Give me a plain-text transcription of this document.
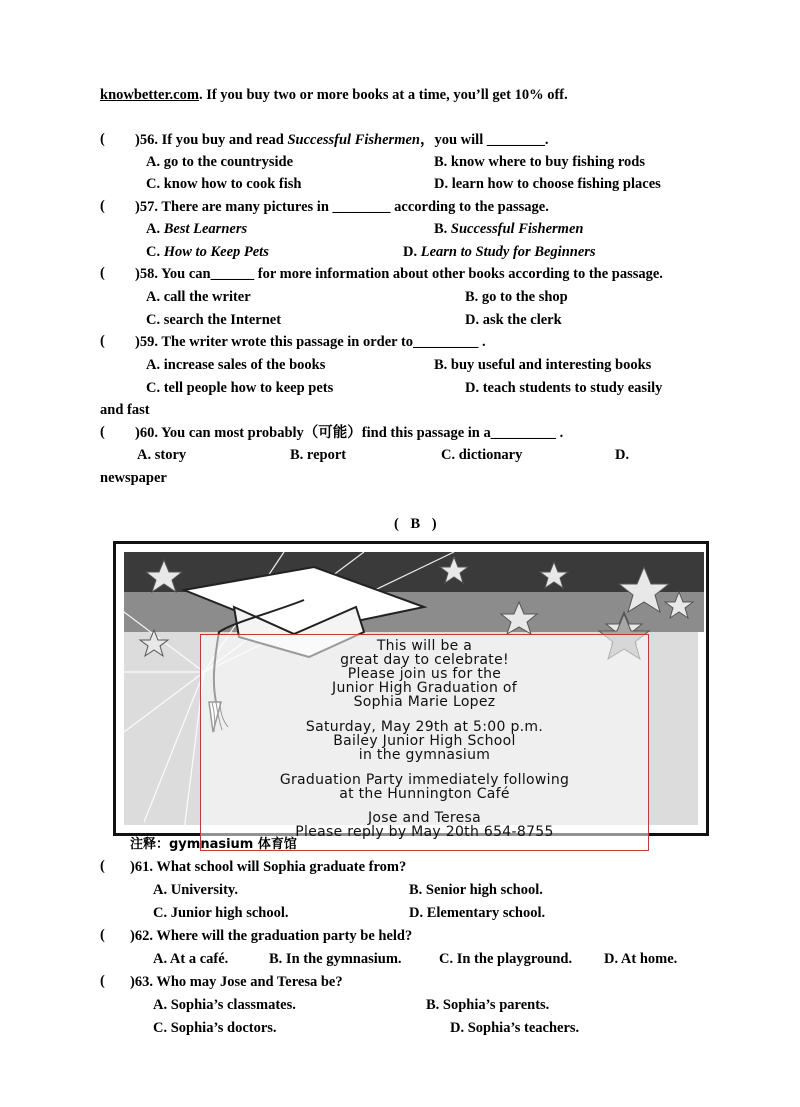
knowbetter.com. If you buy two or more books at a time, you’ll get 10% off.
( )56. If you buy and read Successful Fishermen，you will ________.
A. go to the countryside	B. know where to buy fishing rods
C. know how to cook fish	D. learn how to choose fishing places
( )57. There are many pictures in ________ according to the passage.
A. Best Learners	B. Successful Fishermen
C. How to Keep Pets	D. Learn to Study for Beginners
( )58. You can______ for more information about other books according to the passage.
A. call the writer	B. go to the shop
C. search the Internet	D. ask the clerk
( )59. The writer wrote this passage in order to_________ .
A. increase sales of the books	B. buy useful and interesting books
C. tell people how to keep pets	D. teach students to study easily
and fast
( )60. You can most probably（可能）find this passage in a_________ .
A. story	B. report	C. dictionary	D.
newspaper
( B )
This will be a
great day to celebrate!
Please join us for the
Junior High Graduation of
Sophia Marie Lopez
Saturday, May 29th at 5:00 p.m.
Bailey Junior High School
in the gymnasium
Graduation Party immediately following
at the Hunnington Café
Jose and Teresa
Please reply by May 20th 654-8755
注释：gymnasium 体育馆
( )61. What school will Sophia graduate from?
A. University.	B. Senior high school.
C. Junior high school.	D. Elementary school.
( )62. Where will the graduation party be held?
A. At a café.	B. In the gymnasium.	C. In the playground. D. At home.
( )63. Who may Jose and Teresa be?
A. Sophia’s classmates.	B. Sophia’s parents.
C. Sophia’s doctors.	D. Sophia’s teachers.
